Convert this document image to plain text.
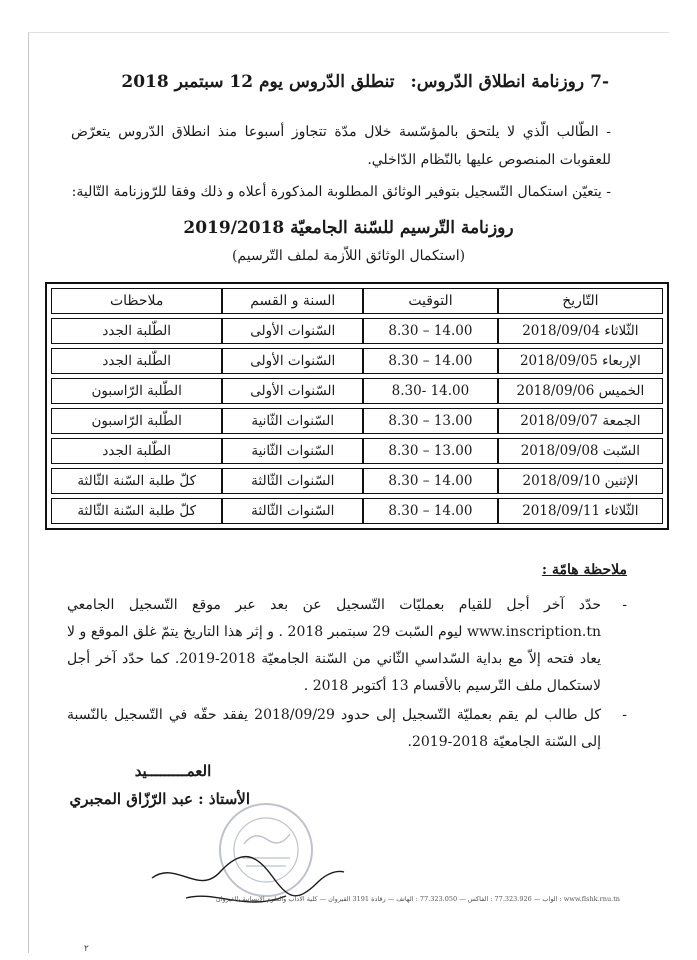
-7روزنامة انطلاق الدّروس:تنطلق الدّروس يوم 12 سبتمبر 2018
- الطّالب الّذي لا يلتحق بالمؤسّسة خلال مدّة تتجاوز أسبوعا منذ انطلاق الدّروس يتعرّض للعقوبات المنصوص عليها بالنّظام الدّاخلي.
- يتعيّن استكمال التّسجيل بتوفير الوثائق المطلوبة المذكورة أعلاه و ذلك وفقا للرّوزنامة التّالية:
روزنامة التّرسيم للسّنة الجامعيّة 2019/2018
(استكمال الوثائق اللاّزمة لملف التّرسيم)
التّاريخ	التوقيت	السنة و القسم	ملاحظات
الثّلاثاء 2018/09/04	8.30 – 14.00	السّنوات الأولى	الطّلبة الجدد
الإربعاء 2018/09/05	8.30 – 14.00	السّنوات الأولى	الطّلبة الجدد
الخميس 2018/09/06	8.30- 14.00	السّنوات الأولى	الطّلبة الرّاسبون
الجمعة 2018/09/07	8.30 – 13.00	السّنوات الثّانية	الطّلبة الرّاسبون
السّبت 2018/09/08	8.30 – 13.00	السّنوات الثّانية	الطّلبة الجدد
الإثنين 2018/09/10	8.30 – 14.00	السّنوات الثّالثة	كلّ طلبة السّنة الثّالثة
الثّلاثاء 2018/09/11	8.30 – 14.00	السّنوات الثّالثة	كلّ طلبة السّنة الثّالثة
ملاحظة هامّة :
-
حدّد آخر أجل للقيام بعمليّات التّسجيل عن بعد عبر موقع التّسجيل الجامعي www.inscription.tn ليوم السّبت 29 سبتمبر 2018 . و إثر هذا التاريخ يتمّ غلق الموقع و لا يعاد فتحه إلاّ مع بداية السّداسي الثّاني من السّنة الجامعيّة 2018-2019. كما حدّد آخر أجل لاستكمال ملف التّرسيم بالأقسام 13 أكتوبر 2018 .
-
كل طالب لم يقم بعمليّة التّسجيل إلى حدود 2018/09/29 يفقد حقّه في التّسجيل بالنّسبة إلى السّنة الجامعيّة 2018-2019.
العمـــــــــيد
الأستاذ : عبد الرّزّاق المجبري
www.flshk.rnu.tn : الواب — 77.323.926 : الفاكس — 77.323.050 : الهاتف — رقادة 3191 القيروان — كلية الآداب والعلوم الإنسانية بالقيروان
٢
